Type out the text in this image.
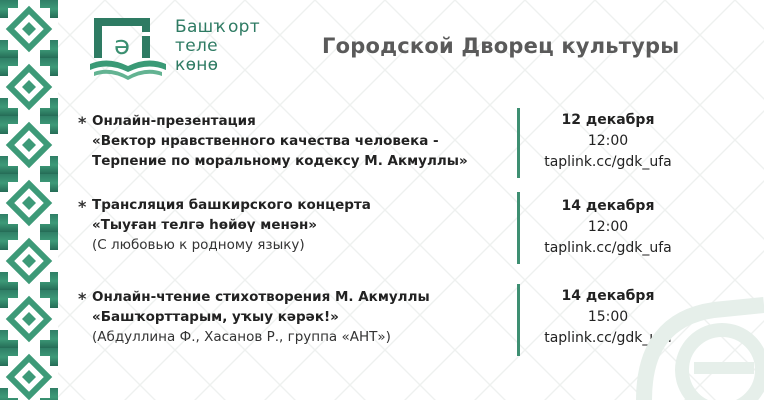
ә
Башҡорт
теле
көнө
Городской Дворец культуры
* Онлайн-презентация
«Вектор нравственного качества человека -
Терпение по моральному кодексу М. Акмуллы»
12 декабря
12:00
taplink.cc/gdk_ufa
* Трансляция башкирского концерта
«Тыуған телгә һөйөү менән»
(С любовью к родному языку)
14 декабря
12:00
taplink.cc/gdk_ufa
* Онлайн-чтение стихотворения М. Акмуллы
«Башҡорттарым, уҡыу кәрәк!»
(Абдуллина Ф., Хасанов Р., группа «АНТ»)
14 декабря
15:00
taplink.cc/gdk_ufa
